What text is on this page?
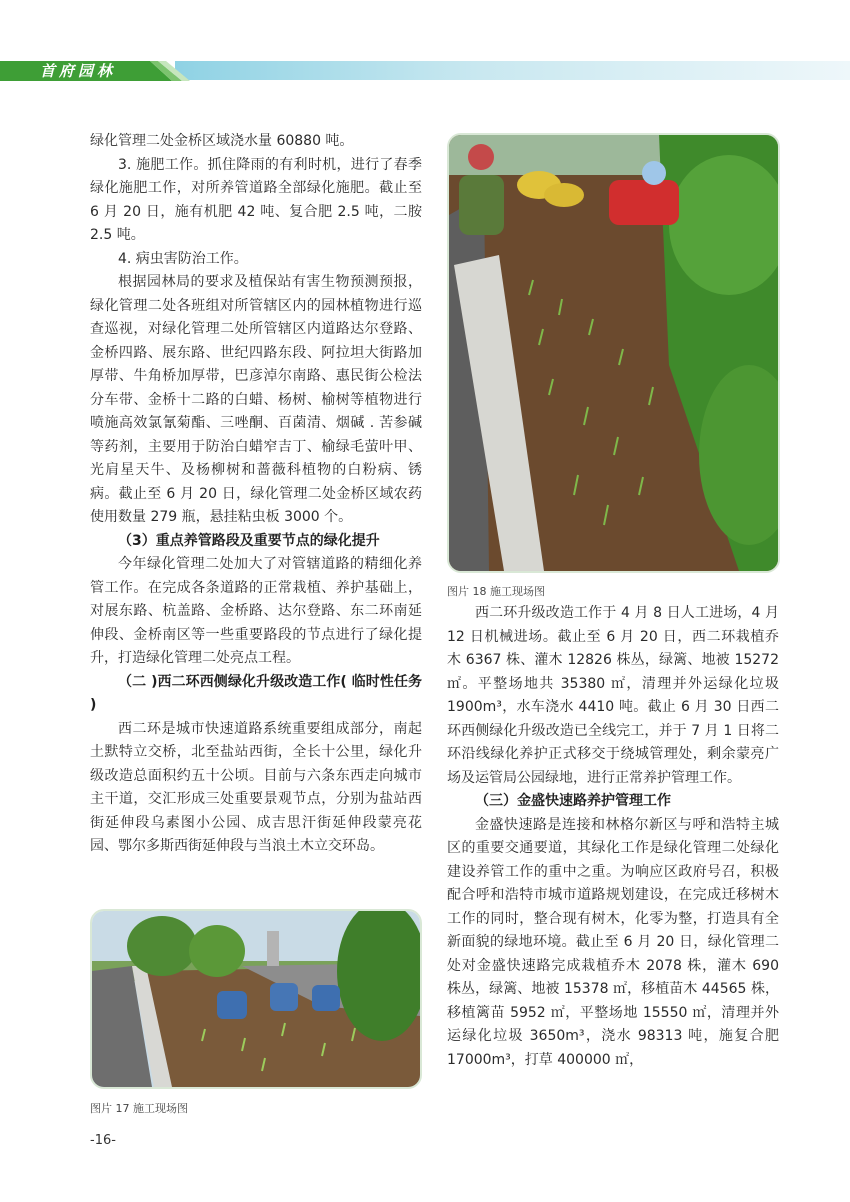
首府园林

绿化管理二处金桥区域浇水量 60880 吨。

3. 施肥工作。抓住降雨的有利时机，进行了春季绿化施肥工作，对所养管道路全部绿化施肥。截止至 6 月 20 日，施有机肥 42 吨、复合肥 2.5 吨，二胺 2.5 吨。

4. 病虫害防治工作。

根据园林局的要求及植保站有害生物预测预报，绿化管理二处各班组对所管辖区内的园林植物进行巡查巡视，对绿化管理二处所管辖区内道路达尔登路、金桥四路、展东路、世纪四路东段、阿拉坦大街路加厚带、牛角桥加厚带，巴彦淖尔南路、惠民街公检法分车带、金桥十二路的白蜡、杨树、榆树等植物进行喷施高效氯氰菊酯、三唑酮、百菌清、烟碱 . 苦参碱等药剂，主要用于防治白蜡窄吉丁、榆绿毛萤叶甲、光肩星天牛、及杨柳树和蔷薇科植物的白粉病、锈病。截止至 6 月 20 日，绿化管理二处金桥区域农药使用数量 279 瓶，悬挂粘虫板 3000 个。

（3）重点养管路段及重要节点的绿化提升

今年绿化管理二处加大了对管辖道路的精细化养管工作。在完成各条道路的正常栽植、养护基础上，对展东路、杭盖路、金桥路、达尔登路、东二环南延伸段、金桥南区等一些重要路段的节点进行了绿化提升，打造绿化管理二处亮点工程。

（二 )西二环西侧绿化升级改造工作( 临时性任务 )

西二环是城市快速道路系统重要组成部分，南起土默特立交桥，北至盐站西街，全长十公里，绿化升级改造总面积约五十公顷。目前与六条东西走向城市主干道，交汇形成三处重要景观节点，分别为盐站西街延伸段乌素图小公园、成吉思汗街延伸段蒙亮花园、鄂尔多斯西街延伸段与当浪土木立交环岛。

图片 18 施工现场图

西二环升级改造工作于 4 月 8 日人工进场，4 月 12 日机械进场。截止至 6 月 20 日，西二环栽植乔木 6367 株、灌木 12826 株丛，绿篱、地被 15272 ㎡。平整场地共 35380 ㎡，清理并外运绿化垃圾 1900m³，水车浇水 4410 吨。截止 6 月 30 日西二环西侧绿化升级改造已全线完工，并于 7 月 1 日将二环沿线绿化养护正式移交于绕城管理处，剩余蒙亮广场及运管局公园绿地，进行正常养护管理工作。

（三）金盛快速路养护管理工作

金盛快速路是连接和林格尔新区与呼和浩特主城区的重要交通要道，其绿化工作是绿化管理二处绿化建设养管工作的重中之重。为响应区政府号召，积极配合呼和浩特市城市道路规划建设，在完成迁移树木工作的同时，整合现有树木，化零为整，打造具有全新面貌的绿地环境。截止至 6 月 20 日，绿化管理二处对金盛快速路完成栽植乔木 2078 株，灌木 690 株丛，绿篱、地被 15378 ㎡，移植苗木 44565 株，移植篱苗 5952 ㎡，平整场地 15550 ㎡，清理并外运绿化垃圾 3650m³，浇水 98313 吨，施复合肥 17000m³，打草 400000 ㎡，

图片 17 施工现场图
-16-
